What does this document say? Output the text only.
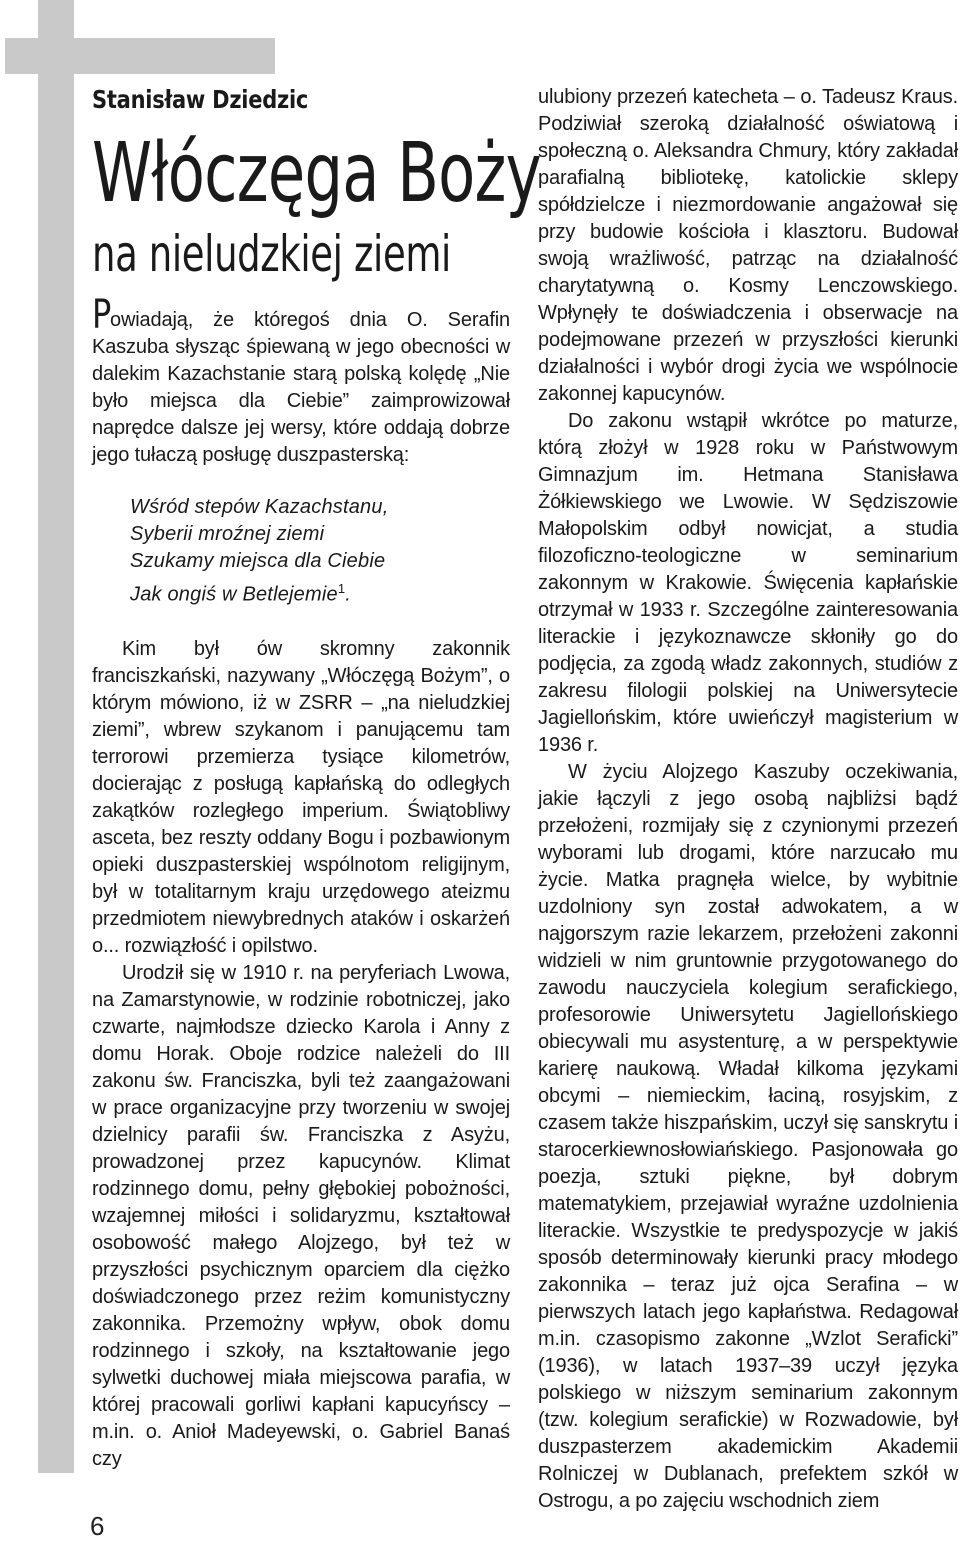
Stanisław Dziedzic
Włóczęga Boży
na nieludzkiej ziemi

Powiadają, że któregoś dnia O. Serafin Kaszuba słysząc śpiewaną w jego obecności w dalekim Kazachstanie starą polską kolędę „Nie było miejsca dla Ciebie” zaimprowizował naprędce dalsze jej wersy, które oddają dobrze jego tułaczą posługę duszpasterską:

Wśród stepów Kazachstanu,
Syberii mroźnej ziemi
Szukamy miejsca dla Ciebie
Jak ongiś w Betlejemie$^1$.

Kim był ów skromny zakonnik franciszkański, nazywany „Włóczęgą Bożym”, o którym mówiono, iż w ZSRR – „na nieludzkiej ziemi”, wbrew szykanom i panującemu tam terrorowi przemierza tysiące kilometrów, docierając z posługą kapłańską do odległych zakątków rozległego imperium. Świątobliwy asceta, bez reszty oddany Bogu i pozbawionym opieki duszpasterskiej wspólnotom religijnym, był w totalitarnym kraju urzędowego ateizmu przedmiotem niewybrednych ataków i oskarżeń o... rozwiązłość i opilstwo.

Urodził się w 1910 r. na peryferiach Lwowa, na Zamarstynowie, w rodzinie robotniczej, jako czwarte, najmłodsze dziecko Karola i Anny z domu Horak. Oboje rodzice należeli do III zakonu św. Franciszka, byli też zaangażowani w prace organizacyjne przy tworzeniu w swojej dzielnicy parafii św. Franciszka z Asyżu, prowadzonej przez kapucynów. Klimat rodzinnego domu, pełny głębokiej pobożności, wzajemnej miłości i solidaryzmu, kształtował osobowość małego Alojzego, był też w przyszłości psychicznym oparciem dla ciężko doświadczonego przez reżim komunistyczny zakonnika. Przemożny wpływ, obok domu rodzinnego i szkoły, na kształtowanie jego sylwetki duchowej miała miejscowa parafia, w której pracowali gorliwi kapłani kapucyńscy – m.in. o. Anioł Madeyewski, o. Gabriel Banaś czy

ulubiony przezeń katecheta – o. Tadeusz Kraus. Podziwiał szeroką działalność oświatową i społeczną o. Aleksandra Chmury, który zakładał parafialną bibliotekę, katolickie sklepy spółdzielcze i niezmordowanie angażował się przy budowie kościoła i klasztoru. Budował swoją wrażliwość, patrząc na działalność charytatywną o. Kosmy Lenczowskiego. Wpłynęły te doświadczenia i obserwacje na podejmowane przezeń w przyszłości kierunki działalności i wybór drogi życia we wspólnocie zakonnej kapucynów.

Do zakonu wstąpił wkrótce po maturze, którą złożył w 1928 roku w Państwowym Gimnazjum im. Hetmana Stanisława Żółkiewskiego we Lwowie. W Sędziszowie Małopolskim odbył nowicjat, a studia filozoficzno-teologiczne w seminarium zakonnym w Krakowie. Święcenia kapłańskie otrzymał w 1933 r. Szczególne zainteresowania literackie i językoznawcze skłoniły go do podjęcia, za zgodą władz zakonnych, studiów z zakresu filologii polskiej na Uniwersytecie Jagiellońskim, które uwieńczył magisterium w 1936 r.

W życiu Alojzego Kaszuby oczekiwania, jakie łączyli z jego osobą najbliżsi bądź przełożeni, rozmijały się z czynionymi przezeń wyborami lub drogami, które narzucało mu życie. Matka pragnęła wielce, by wybitnie uzdolniony syn został adwokatem, a w najgorszym razie lekarzem, przełożeni zakonni widzieli w nim gruntownie przygotowanego do zawodu nauczyciela kolegium serafickiego, profesorowie Uniwersytetu Jagiellońskiego obiecywali mu asystenturę, a w perspektywie karierę naukową. Władał kilkoma językami obcymi – niemieckim, łaciną, rosyjskim, z czasem także hiszpańskim, uczył się sanskrytu i starocerkiewnosłowiańskiego. Pasjonowała go poezja, sztuki piękne, był dobrym matematykiem, przejawiał wyraźne uzdolnienia literackie. Wszystkie te predyspozycje w jakiś sposób determinowały kierunki pracy młodego zakonnika – teraz już ojca Serafina – w pierwszych latach jego kapłaństwa. Redagował m.in. czasopismo zakonne „Wzlot Seraficki” (1936), w latach 1937–39 uczył języka polskiego w niższym seminarium zakonnym (tzw. kolegium serafickie) w Rozwadowie, był duszpasterzem akademickim Akademii Rolniczej w Dublanach, prefektem szkół w Ostrogu, a po zajęciu wschodnich ziem

6
